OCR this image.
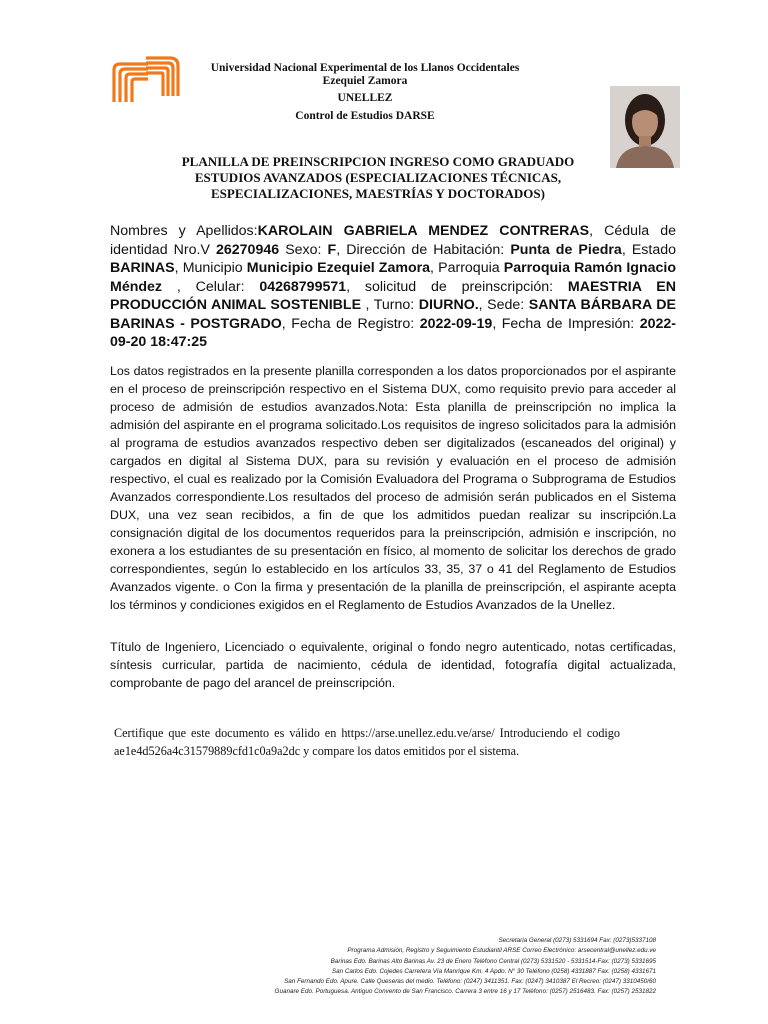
Universidad Nacional Experimental de los Llanos Occidentales
Ezequiel Zamora
UNELLEZ
Control de Estudios DARSE
PLANILLA DE PREINSCRIPCION INGRESO COMO GRADUADO
ESTUDIOS AVANZADOS (ESPECIALIZACIONES TÉCNICAS,
ESPECIALIZACIONES, MAESTRÍAS Y DOCTORADOS)
Nombres y Apellidos:KAROLAIN GABRIELA MENDEZ CONTRERAS, Cédula de identidad Nro.V 26270946 Sexo: F, Dirección de Habitación: Punta de Piedra, Estado BARINAS, Municipio Municipio Ezequiel Zamora, Parroquia Parroquia Ramón Ignacio Méndez , Celular: 04268799571, solicitud de preinscripción: MAESTRIA EN PRODUCCIÓN ANIMAL SOSTENIBLE , Turno: DIURNO., Sede: SANTA BÁRBARA DE BARINAS - POSTGRADO, Fecha de Registro: 2022-09-19, Fecha de Impresión: 2022-09-20 18:47:25
Los datos registrados en la presente planilla corresponden a los datos proporcionados por el aspirante en el proceso de preinscripción respectivo en el Sistema DUX, como requisito previo para acceder al proceso de admisión de estudios avanzados.Nota: Esta planilla de preinscripción no implica la admisión del aspirante en el programa solicitado.Los requisitos de ingreso solicitados para la admisión al programa de estudios avanzados respectivo deben ser digitalizados (escaneados del original) y cargados en digital al Sistema DUX, para su revisión y evaluación en el proceso de admisión respectivo, el cual es realizado por la Comisión Evaluadora del Programa o Subprograma de Estudios Avanzados correspondiente.Los resultados del proceso de admisión serán publicados en el Sistema DUX, una vez sean recibidos, a fin de que los admitidos puedan realizar su inscripción.La consignación digital de los documentos requeridos para la preinscripción, admisión e inscripción, no exonera a los estudiantes de su presentación en físico, al momento de solicitar los derechos de grado correspondientes, según lo establecido en los artículos 33, 35, 37 o 41 del Reglamento de Estudios Avanzados vigente. o Con la firma y presentación de la planilla de preinscripción, el aspirante acepta los términos y condiciones exigidos en el Reglamento de Estudios Avanzados de la Unellez.
Título de Ingeniero, Licenciado o equivalente, original o fondo negro autenticado, notas certificadas, síntesis curricular, partida de nacimiento, cédula de identidad, fotografía digital actualizada, comprobante de pago del arancel de preinscripción.
Certifique que este documento es válido en https://arse.unellez.edu.ve/arse/ Introduciendo el codigo ae1e4d526a4c31579889cfd1c0a9a2dc y compare los datos emitidos por el sistema.
Secretaria General (0273) 5331694 Fax: (0273)5337108
Programa Admisión, Registro y Seguimiento Estudiantil ARSE Correo Electrónico: arsecentral@unellez.edu.ve
Barinas Edo. Barinas Alto Barinas Av. 23 de Enero Teléfono Central (0273) 5331520 - 5331514-Fax: (0273) 5331695
San Carlos Edo. Cojedes Carretera Vía Manrique Km. 4 Apdo. N° 30 Teléfono (0258) 4331887 Fax: (0258) 4331671
San Fernando Edo. Apure. Calle Queseras del medio. Teléfono: (0247) 3411351. Fax: (0247) 3410387 El Recreo: (0247) 3310450/60
Guanare Edo. Portuguesa. Antiguo Convento de San Francisco. Carrera 3 entre 16 y 17 Teléfono: (0257) 2516483. Fax: (0257) 2531822
